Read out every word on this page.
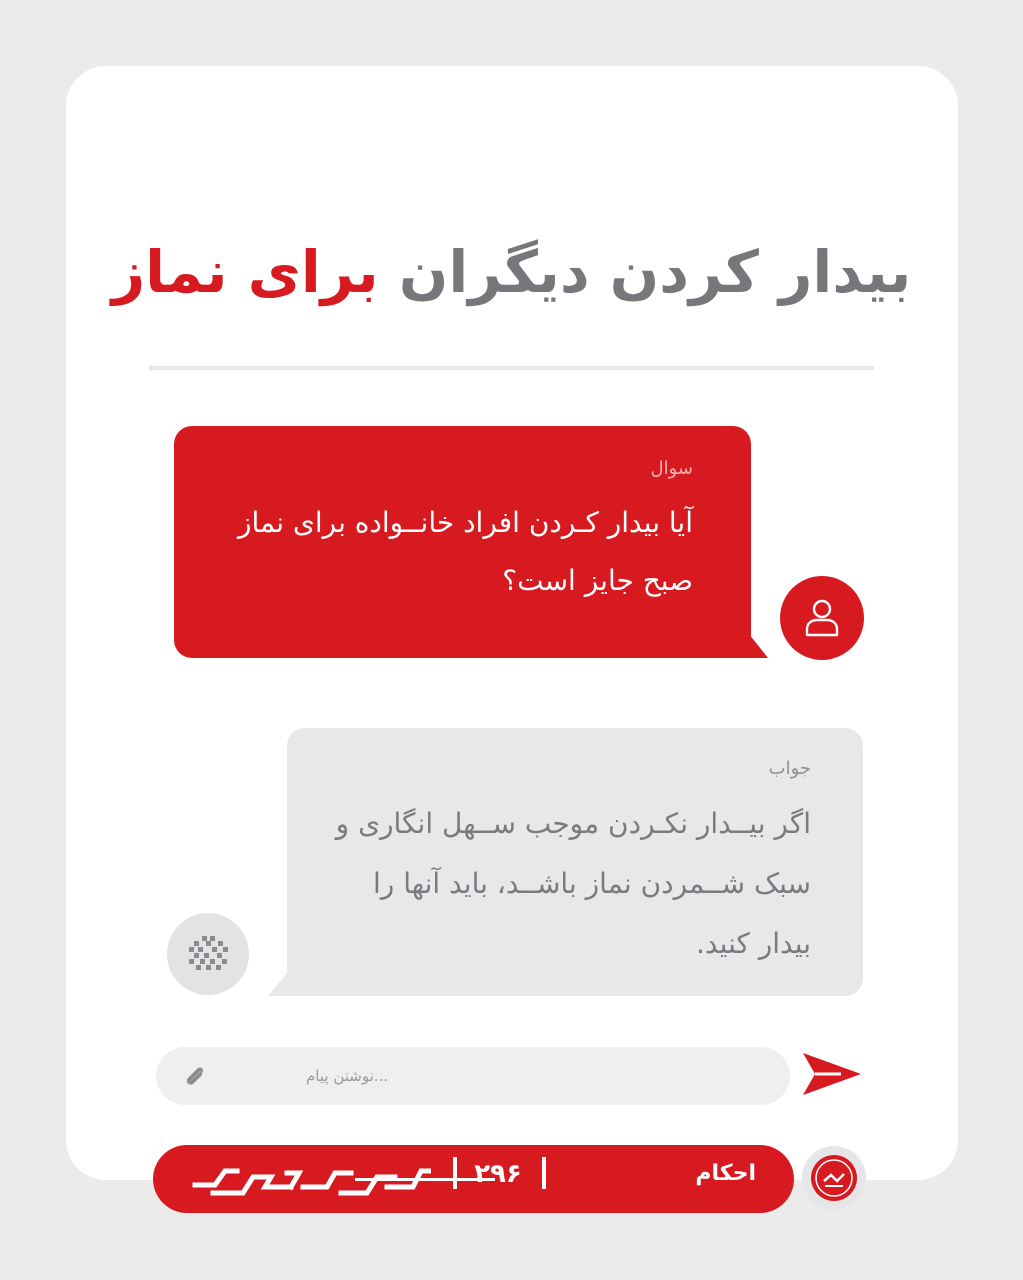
بیدار کردن دیگران برای نماز
سوال
آیا بیدار کـردن افراد خانــواده برای نماز صبح جایز است؟
جواب
اگر بیــدار نکـردن موجب ســهل انگاری و سبک شــمردن نماز باشــد، باید آنها را بیدار کنید.
...نوشتن پیام
احکام
۲۹۶
